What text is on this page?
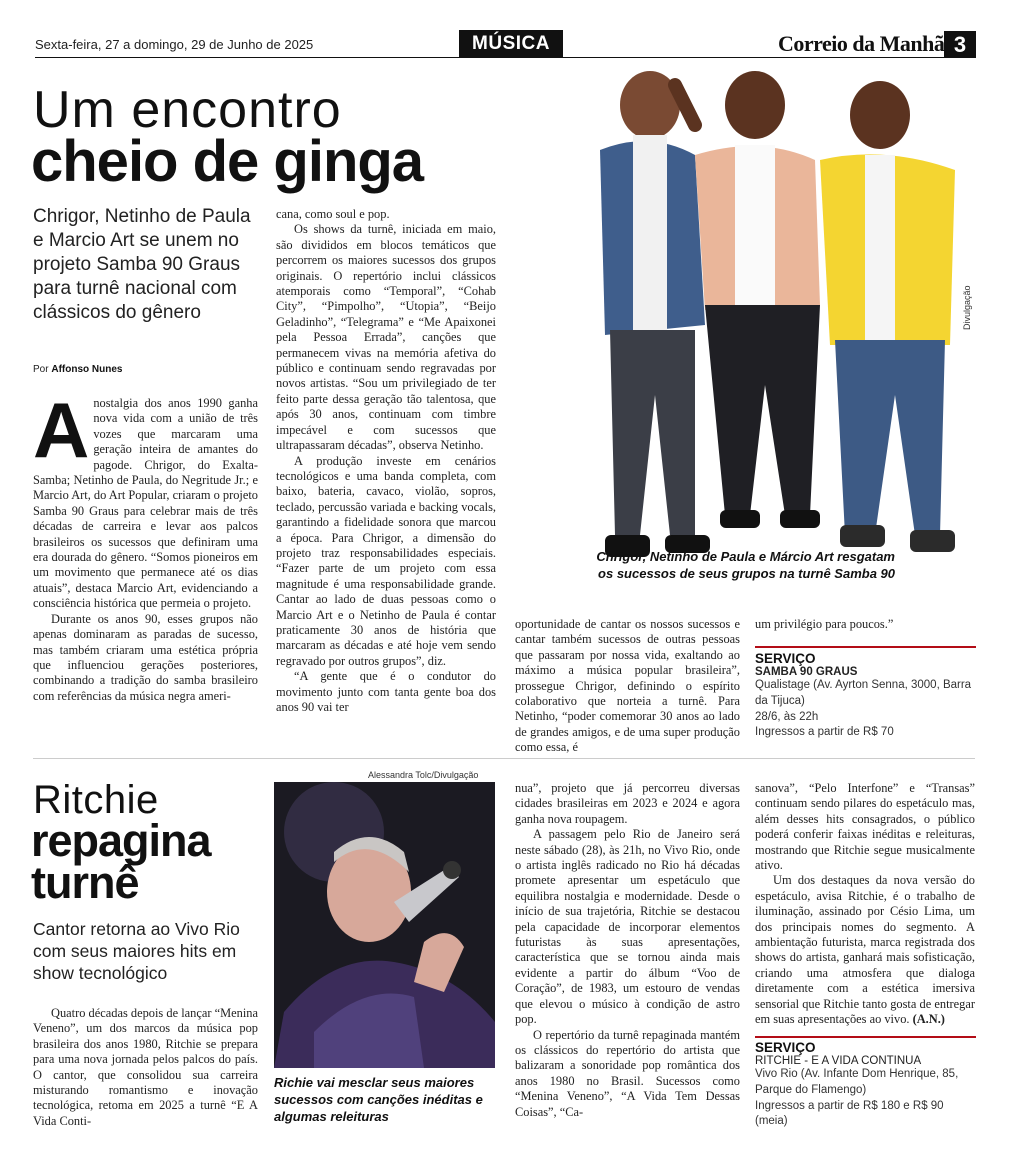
Sexta-feira, 27 a domingo, 29 de Junho de 2025	MÚSICA	Correio da Manhã 3
Um encontro
cheio de ginga
Chrigor, Netinho de Paula e Marcio Art se unem no projeto Samba 90 Graus para turnê nacional com clássicos do gênero
Por Affonso Nunes
A nostalgia dos anos 1990 ganha nova vida com a união de três vozes que marcaram uma geração inteira de amantes do pagode. Chrigor, do Exalta-Samba; Netinho de Paula, do Negritude Jr.; e Marcio Art, do Art Popular, criaram o projeto Samba 90 Graus para celebrar mais de três décadas de carreira e levar aos palcos brasileiros os sucessos que definiram uma era dourada do gênero. “Somos pioneiros em um movimento que permanece até os dias atuais”, destaca Marcio Art, evidenciando a consciência histórica que permeia o projeto.

Durante os anos 90, esses grupos não apenas dominaram as paradas de sucesso, mas também criaram uma estética própria que influenciou gerações posteriores, combinando a tradição do samba brasileiro com referências da música negra ameri-

cana, como soul e pop.

Os shows da turnê, iniciada em maio, são divididos em blocos temáticos que percorrem os maiores sucessos dos grupos originais. O repertório inclui clássicos atemporais como “Temporal”, “Cohab City”, “Pimpolho”, “Utopia”, “Beijo Geladinho”, “Telegrama” e “Me Apaixonei pela Pessoa Errada”, canções que permanecem vivas na memória afetiva do público e continuam sendo regravadas por novos artistas. “Sou um privilegiado de ter feito parte dessa geração tão talentosa, que após 30 anos, continuam com timbre impecável e com sucessos que ultrapassaram décadas”, observa Netinho.

A produção investe em cenários tecnológicos e uma banda completa, com baixo, bateria, cavaco, violão, sopros, teclado, percussão variada e backing vocals, garantindo a fidelidade sonora que marcou a época. Para Chrigor, a dimensão do projeto traz responsabilidades especiais. “Fazer parte de um projeto com essa magnitude é uma responsabilidade grande. Cantar ao lado de duas pessoas como o Marcio Art e o Netinho de Paula é contar praticamente 30 anos de história que marcaram as décadas e até hoje vem sendo regravado por outros grupos”, diz.

“A gente que é o condutor do movimento junto com tanta gente boa dos anos 90 vai ter

oportunidade de cantar os nossos sucessos e cantar também sucessos de outras pessoas que passaram por nossa vida, exaltando ao máximo a música popular brasileira”, prossegue Chrigor, definindo o espírito colaborativo que norteia a turnê. Para Netinho, “poder comemorar 30 anos ao lado de grandes amigos, e de uma super produção como essa, é

um privilégio para poucos.”

Divulgação
Chrigor, Netinho de Paula e Márcio Art resgatam os sucessos de seus grupos na turnê Samba 90
SERVIÇO
SAMBA 90 GRAUS
Qualistage (Av. Ayrton Senna, 3000, Barra da Tijuca)
28/6, às 22h
Ingressos a partir de R$ 70
Ritchie
repagina
turnê
Cantor retorna ao Vivo Rio com seus maiores hits em show tecnológico

Quatro décadas depois de lançar “Menina Veneno”, um dos marcos da música pop brasileira dos anos 1980, Ritchie se prepara para uma nova jornada pelos palcos do país. O cantor, que consolidou sua carreira misturando romantismo e inovação tecnológica, retoma em 2025 a turnê “E A Vida Conti-

Alessandra Tolc/Divulgação
Richie vai mesclar seus maiores sucessos com canções inéditas e algumas releituras

nua”, projeto que já percorreu diversas cidades brasileiras em 2023 e 2024 e agora ganha nova roupagem.

A passagem pelo Rio de Janeiro será neste sábado (28), às 21h, no Vivo Rio, onde o artista inglês radicado no Rio há décadas promete apresentar um espetáculo que equilibra nostalgia e modernidade. Desde o início de sua trajetória, Ritchie se destacou pela capacidade de incorporar elementos futuristas às suas apresentações, característica que se tornou ainda mais evidente a partir do álbum “Voo de Coração”, de 1983, um estouro de vendas que elevou o músico à condição de astro pop.

O repertório da turnê repaginada mantém os clássicos do repertório do artista que balizaram a sonoridade pop romântica dos anos 1980 no Brasil. Sucessos como “Menina Veneno”, “A Vida Tem Dessas Coisas”, “Ca-

sanova”, “Pelo Interfone” e “Transas” continuam sendo pilares do espetáculo mas, além desses hits consagrados, o público poderá conferir faixas inéditas e releituras, mostrando que Ritchie segue musicalmente ativo.

Um dos destaques da nova versão do espetáculo, avisa Ritchie, é o trabalho de iluminação, assinado por Césio Lima, um dos principais nomes do segmento. A ambientação futurista, marca registrada dos shows do artista, ganhará mais sofisticação, criando uma atmosfera que dialoga diretamente com a estética imersiva sensorial que Ritchie tanto gosta de entregar em suas apresentações ao vivo. (A.N.)

SERVIÇO
RITCHIE - E A VIDA CONTINUA
Vivo Rio (Av. Infante Dom Henrique, 85, Parque do Flamengo)
Ingressos a partir de R$ 180 e R$ 90 (meia)
